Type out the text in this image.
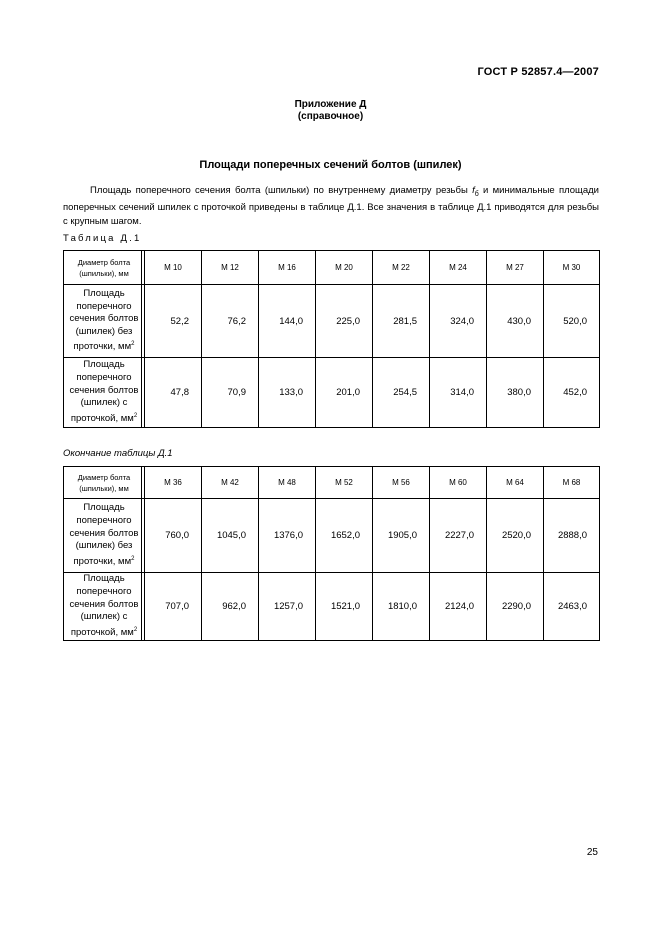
ГОСТ Р 52857.4—2007
Приложение Д
(справочное)
Площади поперечных сечений болтов (шпилек)
Площадь поперечного сечения болта (шпильки) по внутреннему диаметру резьбы $f_б$ и минимальные площади поперечных сечений шпилек с проточкой приведены в таблице Д.1. Все значения в таблице Д.1 приводятся для резьбы с крупным шагом.
Таблица Д.1
Диаметр болта (шпильки), мм	М 10	М 12	М 16	М 20	М 22	М 24	М 27	М 30
Площадь поперечного сечения болтов (шпилек) без проточки, $мм^2$	52,2	76,2	144,0	225,0	281,5	324,0	430,0	520,0
Площадь поперечного сечения болтов (шпилек) с проточкой, $мм^2$	47,8	70,9	133,0	201,0	254,5	314,0	380,0	452,0
Окончание таблицы Д.1
Диаметр болта (шпильки), мм	М 36	М 42	М 48	М 52	М 56	М 60	М 64	М 68
Площадь поперечного сечения болтов (шпилек) без проточки, $мм^2$	760,0	1045,0	1376,0	1652,0	1905,0	2227,0	2520,0	2888,0
Площадь поперечного сечения болтов (шпилек) с проточкой, $мм^2$	707,0	962,0	1257,0	1521,0	1810,0	2124,0	2290,0	2463,0
25
